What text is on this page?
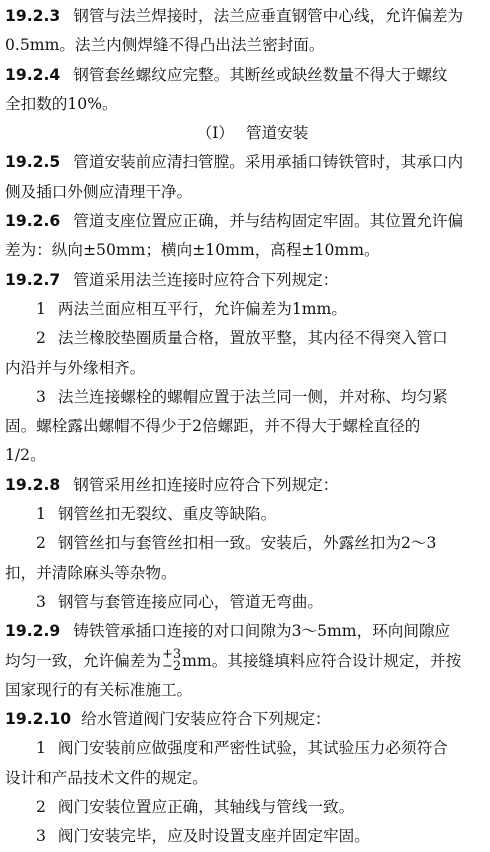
19.2.3 钢管与法兰焊接时，法兰应垂直钢管中心线，允许偏差为
0.5mm。法兰内侧焊缝不得凸出法兰密封面。
19.2.4 钢管套丝螺纹应完整。其断丝或缺丝数量不得大于螺纹
全扣数的10%。
（Ⅰ） 管道安装
19.2.5 管道安装前应清扫管膛。采用承插口铸铁管时，其承口内
侧及插口外侧应清理干净。
19.2.6 管道支座位置应正确，并与结构固定牢固。其位置允许偏
差为：纵向±50mm；横向±10mm，高程±10mm。
19.2.7 管道采用法兰连接时应符合下列规定：
1 两法兰面应相互平行，允许偏差为1mm。
2 法兰橡胶垫圈质量合格，置放平整，其内径不得突入管口
内沿并与外缘相齐。
3 法兰连接螺栓的螺帽应置于法兰同一侧，并对称、均匀紧
固。螺栓露出螺帽不得少于2倍螺距，并不得大于螺栓直径的
1/2。
19.2.8 钢管采用丝扣连接时应符合下列规定：
1 钢管丝扣无裂纹、重皮等缺陷。
2 钢管丝扣与套管丝扣相一致。安装后，外露丝扣为2～3
扣，并清除麻头等杂物。
3 钢管与套管连接应同心，管道无弯曲。
19.2.9 铸铁管承插口连接的对口间隙为3～5mm，环向间隙应
均匀一致，允许偏差为 +3
−2 mm。其接缝填料应符合设计规定，并按
国家现行的有关标准施工。
19.2.10 给水管道阀门安装应符合下列规定：
1 阀门安装前应做强度和严密性试验，其试验压力必须符合
设计和产品技术文件的规定。
2 阀门安装位置应正确，其轴线与管线一致。
3 阀门安装完毕，应及时设置支座并固定牢固。
